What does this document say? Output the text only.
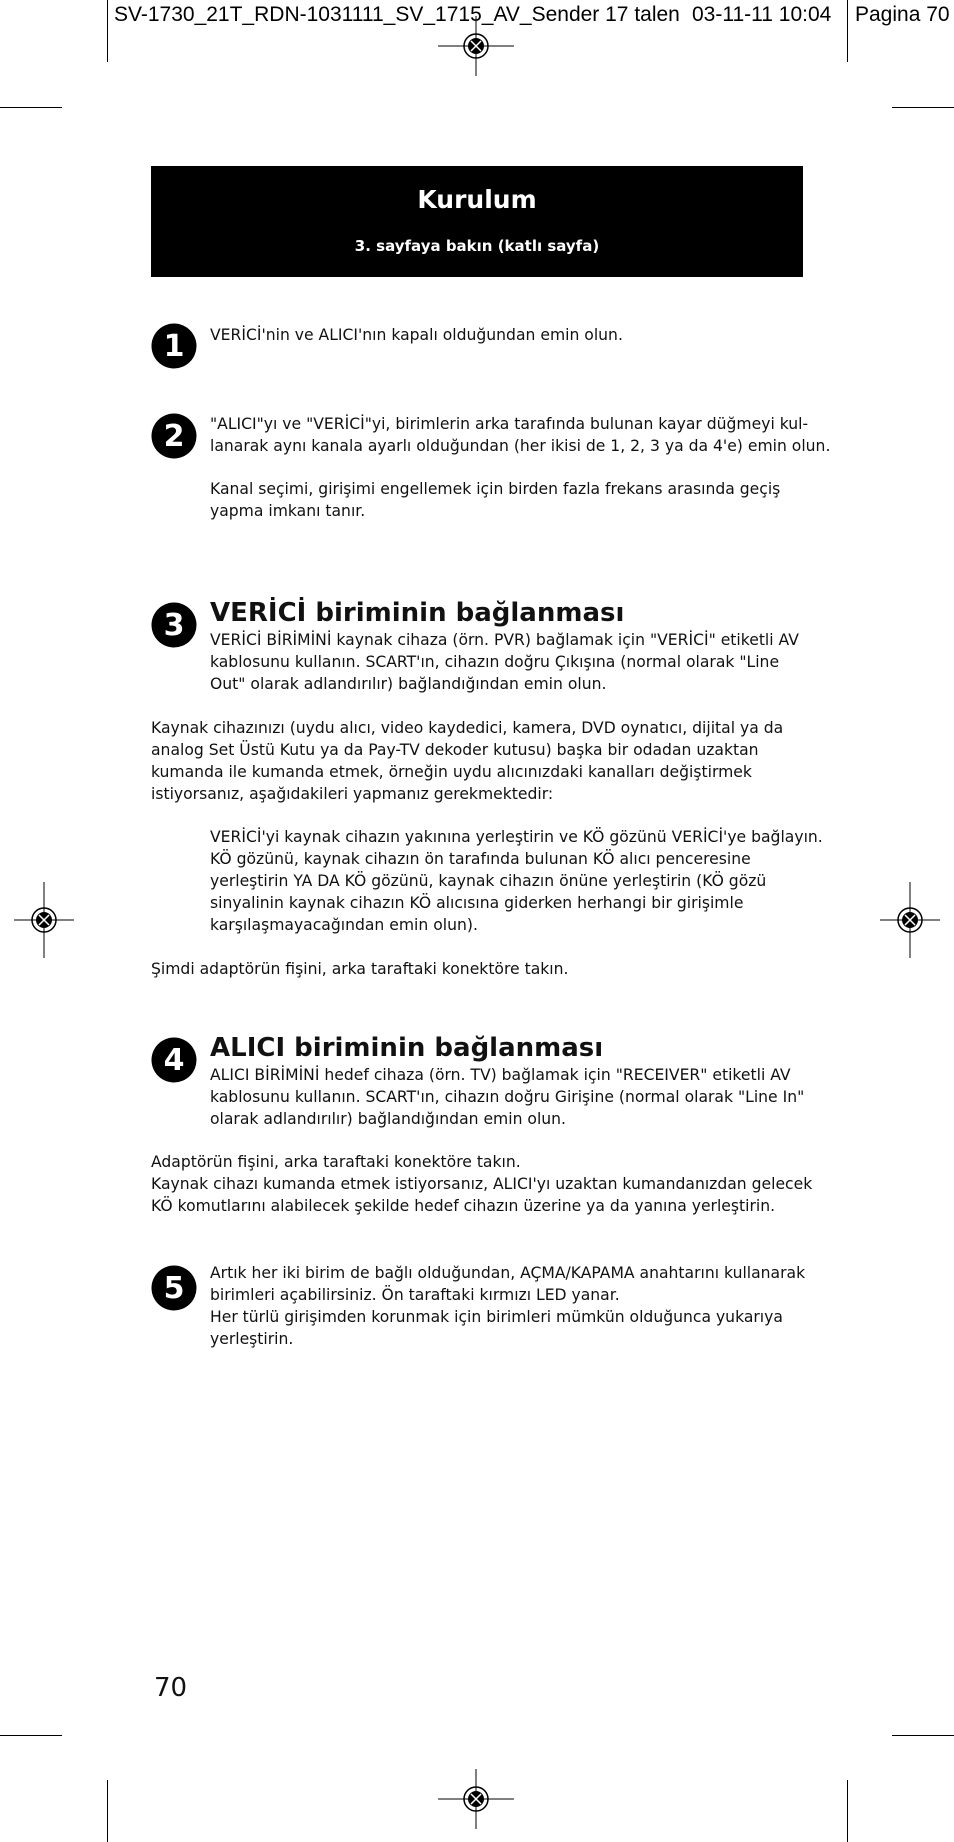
SV-1730_21T_RDN-1031111_SV_1715_AV_Sender 17 talen 03-11-11 10:04 Pagina 70
Kurulum
3. sayfaya bakın (katlı sayfa)
1 VERİCİ'nin ve ALICI'nın kapalı olduğundan emin olun.
2 "ALICI"yı ve "VERİCİ"yi, birimlerin arka tarafında bulunan kayar düğmeyi kul-
lanarak aynı kanala ayarlı olduğundan (her ikisi de 1, 2, 3 ya da 4'e) emin olun.
Kanal seçimi, girişimi engellemek için birden fazla frekans arasında geçiş
yapma imkanı tanır.
3 VERİCİ biriminin bağlanması
VERİCİ BİRİMİNİ kaynak cihaza (örn. PVR) bağlamak için "VERİCİ" etiketli AV
kablosunu kullanın. SCART'ın, cihazın doğru Çıkışına (normal olarak "Line
Out" olarak adlandırılır) bağlandığından emin olun.
Kaynak cihazınızı (uydu alıcı, video kaydedici, kamera, DVD oynatıcı, dijital ya da
analog Set Üstü Kutu ya da Pay-TV dekoder kutusu) başka bir odadan uzaktan
kumanda ile kumanda etmek, örneğin uydu alıcınızdaki kanalları değiştirmek
istiyorsanız, aşağıdakileri yapmanız gerekmektedir:
VERİCİ'yi kaynak cihazın yakınına yerleştirin ve KÖ gözünü VERİCİ'ye bağlayın.
KÖ gözünü, kaynak cihazın ön tarafında bulunan KÖ alıcı penceresine
yerleştirin YA DA KÖ gözünü, kaynak cihazın önüne yerleştirin (KÖ gözü
sinyalinin kaynak cihazın KÖ alıcısına giderken herhangi bir girişimle
karşılaşmayacağından emin olun).
Şimdi adaptörün fişini, arka taraftaki konektöre takın.
4 ALICI biriminin bağlanması
ALICI BİRİMİNİ hedef cihaza (örn. TV) bağlamak için "RECEIVER" etiketli AV
kablosunu kullanın. SCART'ın, cihazın doğru Girişine (normal olarak "Line In"
olarak adlandırılır) bağlandığından emin olun.
Adaptörün fişini, arka taraftaki konektöre takın.
Kaynak cihazı kumanda etmek istiyorsanız, ALICI'yı uzaktan kumandanızdan gelecek
KÖ komutlarını alabilecek şekilde hedef cihazın üzerine ya da yanına yerleştirin.
5 Artık her iki birim de bağlı olduğundan, AÇMA/KAPAMA anahtarını kullanarak
birimleri açabilirsiniz. Ön taraftaki kırmızı LED yanar.
Her türlü girişimden korunmak için birimleri mümkün olduğunca yukarıya
yerleştirin.
70
